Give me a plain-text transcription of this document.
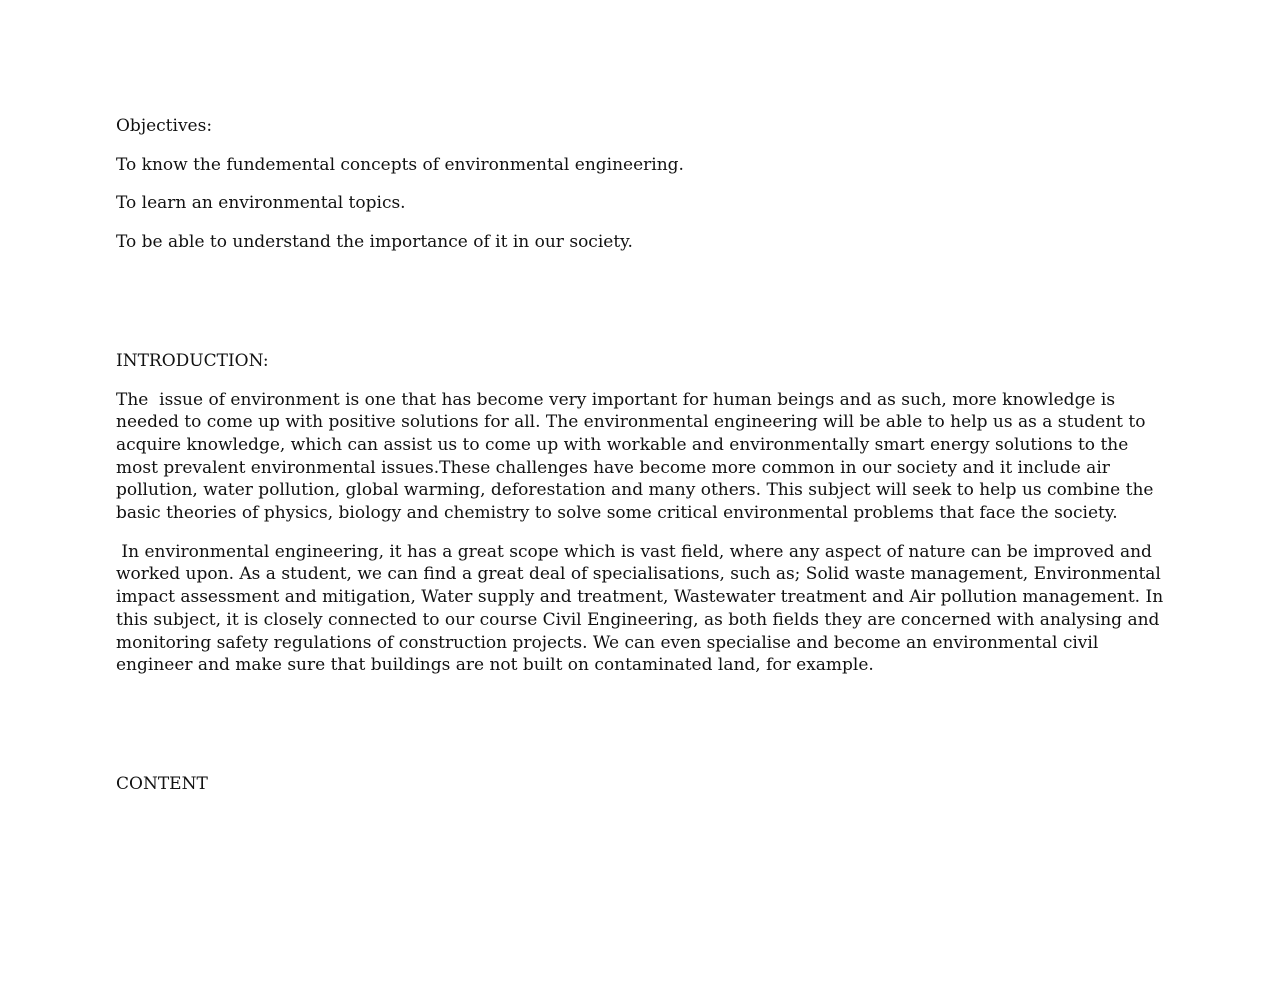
Objectives:

To know the fundemental concepts of environmental engineering.

To learn an environmental topics.

To be able to understand the importance of it in our society.

INTRODUCTION:

The  issue of environment is one that has become very important for human beings and as such, more knowledge is needed to come up with positive solutions for all. The environmental engineering will be able to help us as a student to acquire knowledge, which can assist us to come up with workable and environmentally smart energy solutions to the most prevalent environmental issues.These challenges have become more common in our society and it include air pollution, water pollution, global warming, deforestation and many others. This subject will seek to help us combine the basic theories of physics, biology and chemistry to solve some critical environmental problems that face the society.

In environmental engineering, it has a great scope which is vast field, where any aspect of nature can be improved and worked upon. As a student, we can find a great deal of specialisations, such as; Solid waste management, Environmental impact assessment and mitigation, Water supply and treatment, Wastewater treatment and Air pollution management. In this subject, it is closely connected to our course Civil Engineering, as both fields they are concerned with analysing and monitoring safety regulations of construction projects. We can even specialise and become an environmental civil engineer and make sure that buildings are not built on contaminated land, for example.

CONTENT
